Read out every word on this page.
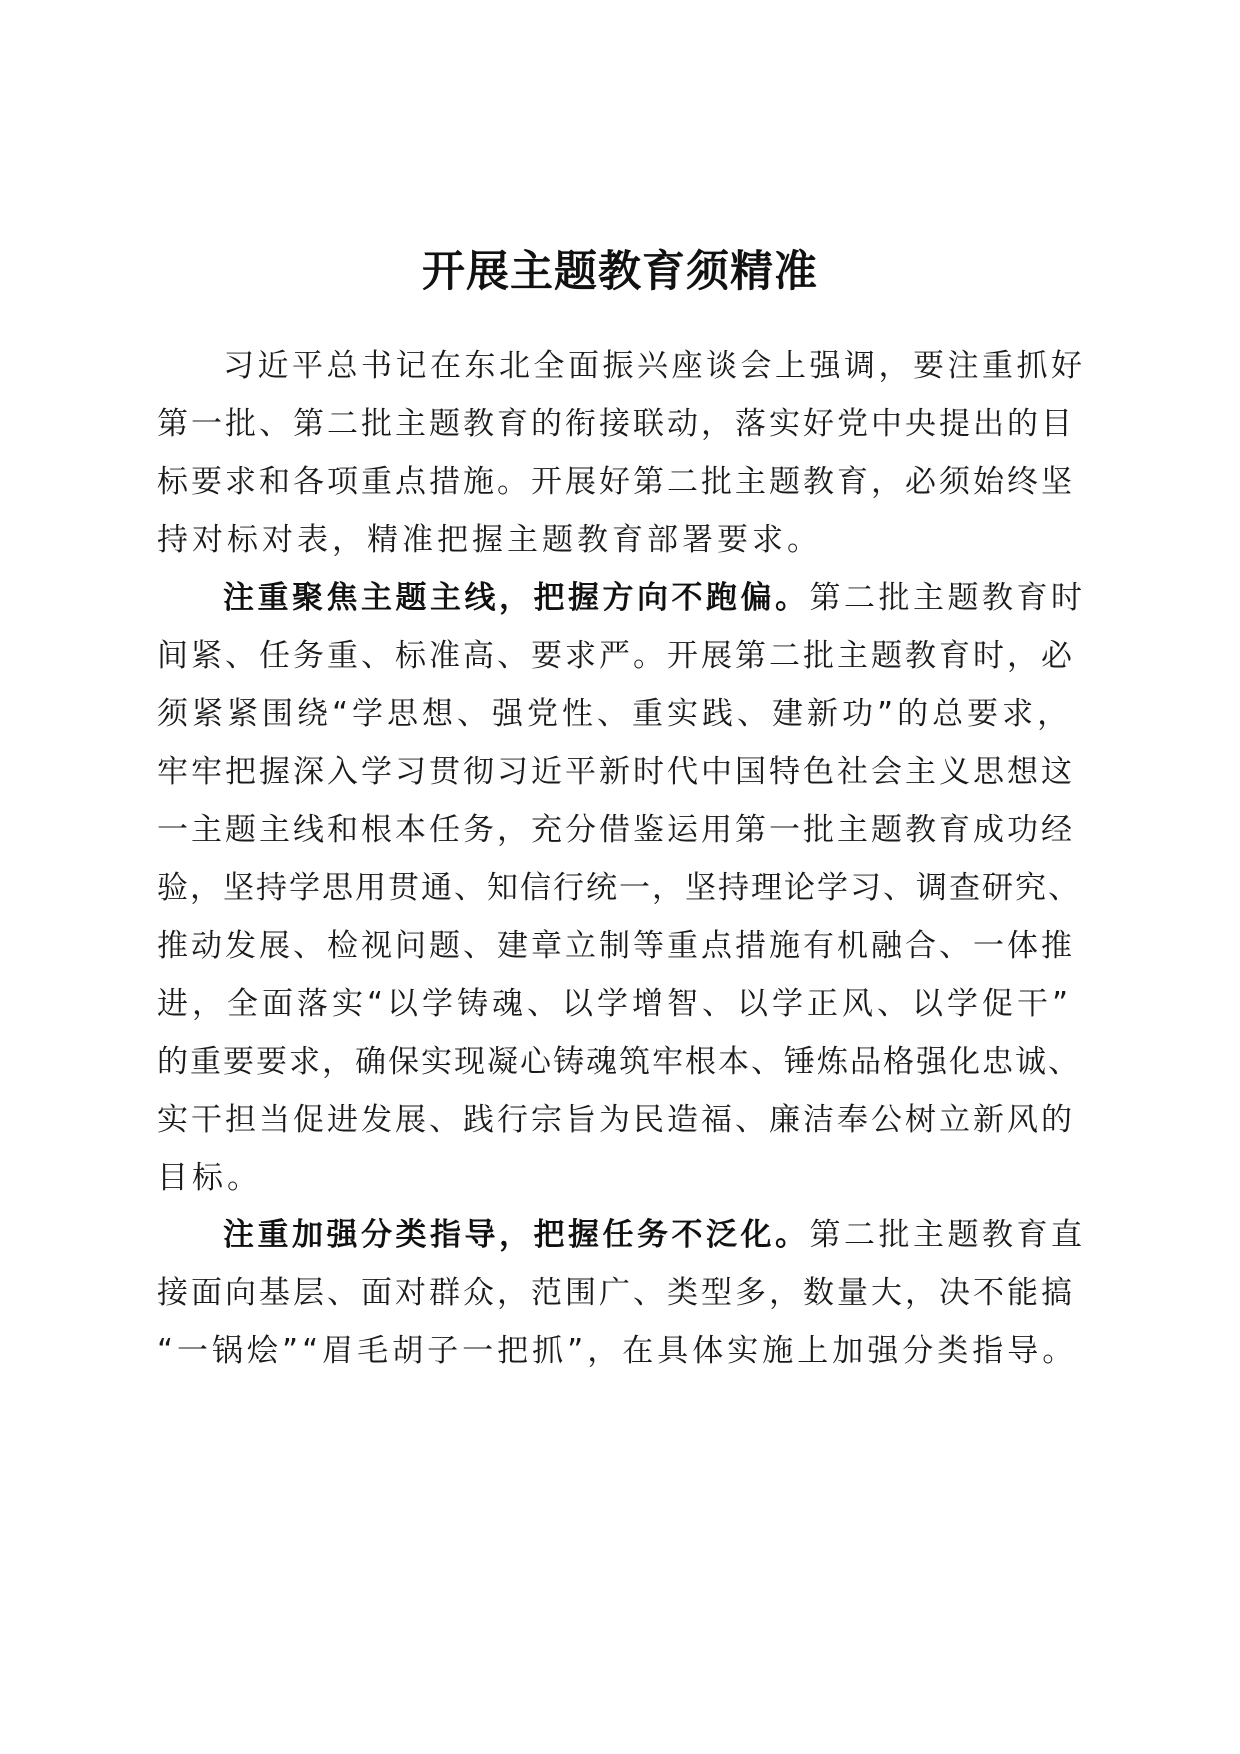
开展主题教育须精准
习近平总书记在东北全面振兴座谈会上强调，要注重抓好
第一批、第二批主题教育的衔接联动，落实好党中央提出的目
标要求和各项重点措施。开展好第二批主题教育，必须始终坚
持对标对表，精准把握主题教育部署要求。
注重聚焦主题主线，把握方向不跑偏。第二批主题教育时
间紧、任务重、标准高、要求严。开展第二批主题教育时，必
须紧紧围绕“学思想、强党性、重实践、建新功”的总要求，
牢牢把握深入学习贯彻习近平新时代中国特色社会主义思想这
一主题主线和根本任务，充分借鉴运用第一批主题教育成功经
验，坚持学思用贯通、知信行统一，坚持理论学习、调查研究、
推动发展、检视问题、建章立制等重点措施有机融合、一体推
进，全面落实“以学铸魂、以学增智、以学正风、以学促干”
的重要要求，确保实现凝心铸魂筑牢根本、锤炼品格强化忠诚、
实干担当促进发展、践行宗旨为民造福、廉洁奉公树立新风的
目标。
注重加强分类指导，把握任务不泛化。第二批主题教育直
接面向基层、面对群众，范围广、类型多，数量大，决不能搞
“一锅烩”“眉毛胡子一把抓”，在具体实施上加强分类指导。
